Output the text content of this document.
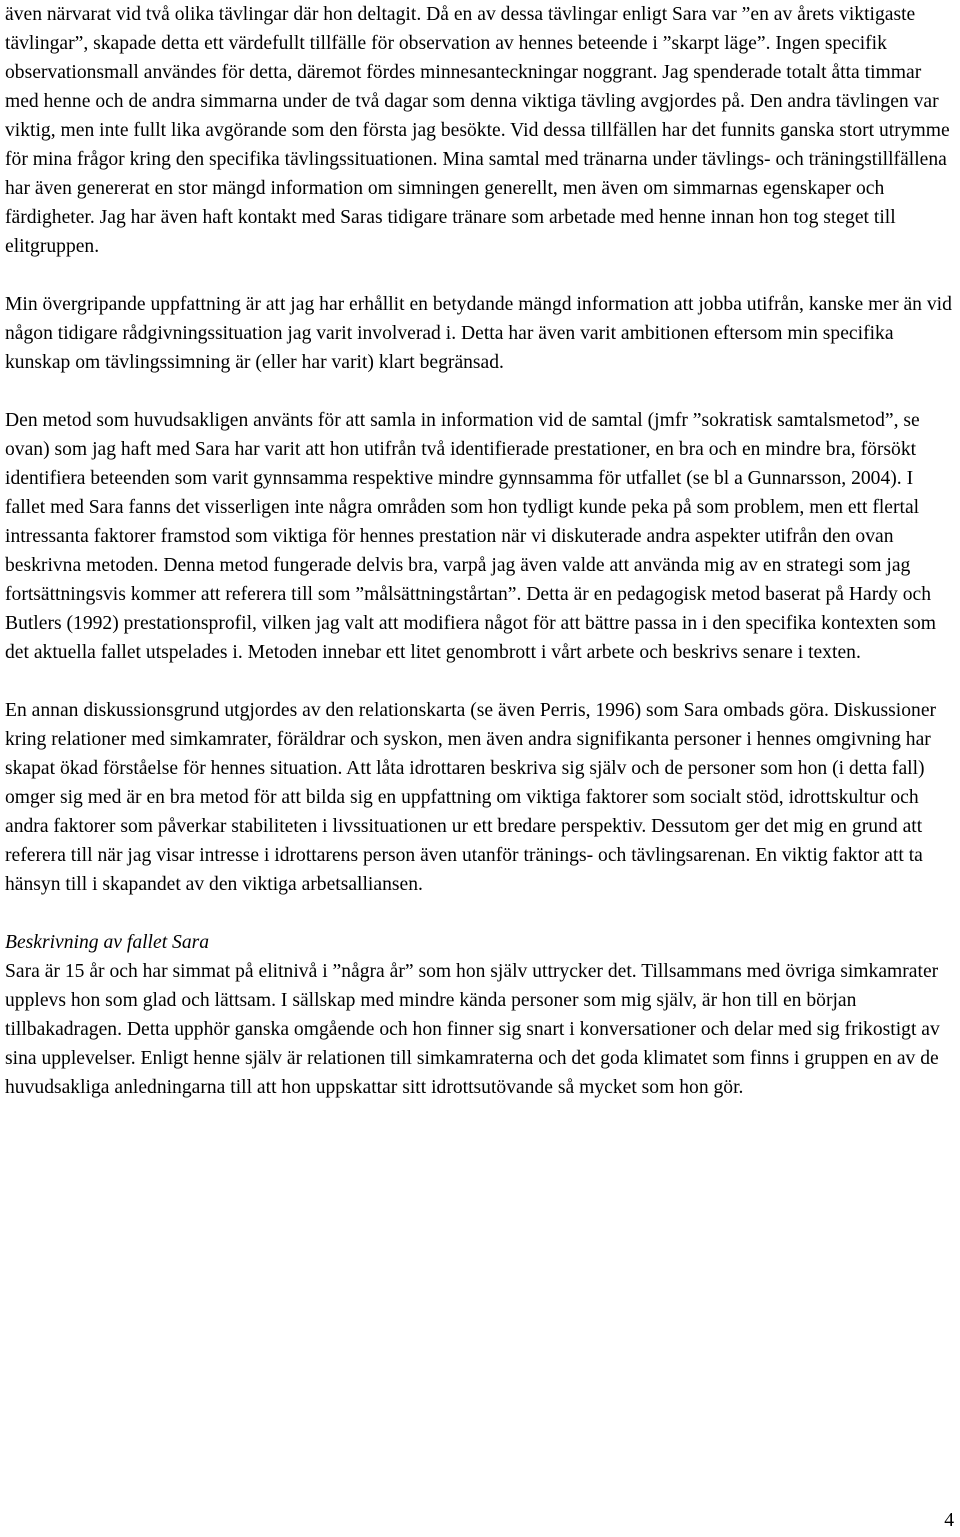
även närvarat vid två olika tävlingar där hon deltagit. Då en av dessa tävlingar enligt Sara var ”en av årets viktigaste tävlingar”, skapade detta ett värdefullt tillfälle för observation av hennes beteende i ”skarpt läge”. Ingen specifik observationsmall användes för detta, däremot fördes minnesanteckningar noggrant. Jag spenderade totalt åtta timmar med henne och de andra simmarna under de två dagar som denna viktiga tävling avgjordes på. Den andra tävlingen var viktig, men inte fullt lika avgörande som den första jag besökte. Vid dessa tillfällen har det funnits ganska stort utrymme för mina frågor kring den specifika tävlingssituationen. Mina samtal med tränarna under tävlings- och träningstillfällena har även genererat en stor mängd information om simningen generellt, men även om simmarnas egenskaper och färdigheter. Jag har även haft kontakt med Saras tidigare tränare som arbetade med henne innan hon tog steget till elitgruppen.

Min övergripande uppfattning är att jag har erhållit en betydande mängd information att jobba utifrån, kanske mer än vid någon tidigare rådgivningssituation jag varit involverad i. Detta har även varit ambitionen eftersom min specifika kunskap om tävlingssimning är (eller har varit) klart begränsad.

Den metod som huvudsakligen använts för att samla in information vid de samtal (jmfr ”sokratisk samtalsmetod”, se ovan) som jag haft med Sara har varit att hon utifrån två identifierade prestationer, en bra och en mindre bra, försökt identifiera beteenden som varit gynnsamma respektive mindre gynnsamma för utfallet (se bl a Gunnarsson, 2004). I fallet med Sara fanns det visserligen inte några områden som hon tydligt kunde peka på som problem, men ett flertal intressanta faktorer framstod som viktiga för hennes prestation när vi diskuterade andra aspekter utifrån den ovan beskrivna metoden. Denna metod fungerade delvis bra, varpå jag även valde att använda mig av en strategi som jag fortsättningsvis kommer att referera till som ”målsättningstårtan”. Detta är en pedagogisk metod baserat på Hardy och Butlers (1992) prestationsprofil, vilken jag valt att modifiera något för att bättre passa in i den specifika kontexten som det aktuella fallet utspelades i. Metoden innebar ett litet genombrott i vårt arbete och beskrivs senare i texten.

En annan diskussionsgrund utgjordes av den relationskarta (se även Perris, 1996) som Sara ombads göra. Diskussioner kring relationer med simkamrater, föräldrar och syskon, men även andra signifikanta personer i hennes omgivning har skapat ökad förståelse för hennes situation. Att låta idrottaren beskriva sig själv och de personer som hon (i detta fall) omger sig med är en bra metod för att bilda sig en uppfattning om viktiga faktorer som socialt stöd, idrottskultur och andra faktorer som påverkar stabiliteten i livssituationen ur ett bredare perspektiv. Dessutom ger det mig en grund att referera till när jag visar intresse i idrottarens person även utanför tränings- och tävlingsarenan. En viktig faktor att ta hänsyn till i skapandet av den viktiga arbetsalliansen.

Beskrivning av fallet Sara

Sara är 15 år och har simmat på elitnivå i ”några år” som hon själv uttrycker det. Tillsammans med övriga simkamrater upplevs hon som glad och lättsam. I sällskap med mindre kända personer som mig själv, är hon till en början tillbakadragen. Detta upphör ganska omgående och hon finner sig snart i konversationer och delar med sig frikostigt av sina upplevelser. Enligt henne själv är relationen till simkamraterna och det goda klimatet som finns i gruppen en av de huvudsakliga anledningarna till att hon uppskattar sitt idrottsutövande så mycket som hon gör.

4
